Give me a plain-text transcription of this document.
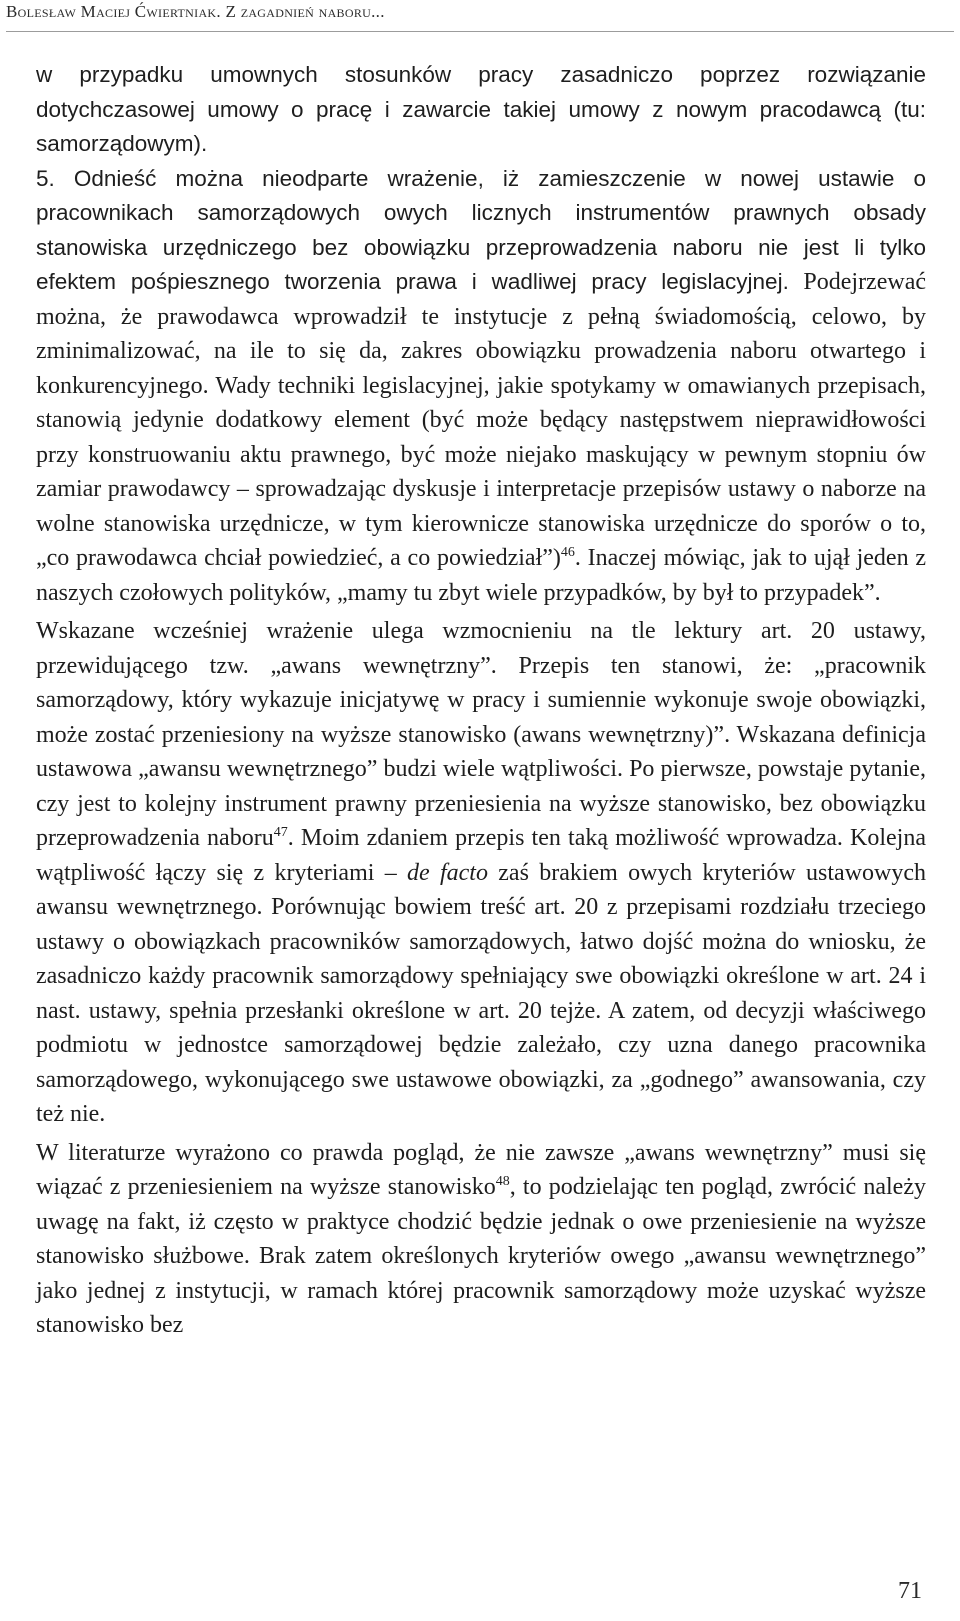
Bolesław Maciej Ćwiertniak. Z zagadnień naboru...

w przypadku umownych stosunków pracy zasadniczo poprzez rozwiązanie dotychczasowej umowy o pracę i zawarcie takiej umowy z nowym pracodawcą (tu: samorządowym).

5. Odnieść można nieodparte wrażenie, iż zamieszczenie w nowej ustawie o pracownikach samorządowych owych licznych instrumentów prawnych obsady stanowiska urzędniczego bez obowiązku przeprowadzenia naboru nie jest li tylko efektem pośpiesznego tworzenia prawa i wadliwej pracy legislacyjnej. Podejrzewać można, że prawodawca wprowadził te instytucje z pełną świadomością, celowo, by zminimalizować, na ile to się da, zakres obowiązku prowadzenia naboru otwartego i konkurencyjnego. Wady techniki legislacyjnej, jakie spotykamy w omawianych przepisach, stanowią jedynie dodatkowy element (być może będący następstwem nieprawidłowości przy konstruowaniu aktu prawnego, być może niejako maskujący w pewnym stopniu ów zamiar prawodawcy – sprowadzając dyskusje i interpretacje przepisów ustawy o naborze na wolne stanowiska urzędnicze, w tym kierownicze stanowiska urzędnicze do sporów o to, „co prawodawca chciał powiedzieć, a co powiedział”)$^{46}$. Inaczej mówiąc, jak to ujął jeden z naszych czołowych polityków, „mamy tu zbyt wiele przypadków, by był to przypadek”.

Wskazane wcześniej wrażenie ulega wzmocnieniu na tle lektury art. 20 ustawy, przewidującego tzw. „awans wewnętrzny”. Przepis ten stanowi, że: „pracownik samorządowy, który wykazuje inicjatywę w pracy i sumiennie wykonuje swoje obowiązki, może zostać przeniesiony na wyższe stanowisko (awans wewnętrzny)”. Wskazana definicja ustawowa „awansu wewnętrznego” budzi wiele wątpliwości. Po pierwsze, powstaje pytanie, czy jest to kolejny instrument prawny przeniesienia na wyższe stanowisko, bez obowiązku przeprowadzenia naboru$^{47}$. Moim zdaniem przepis ten taką możliwość wprowadza. Kolejna wątpliwość łączy się z kryteriami – de facto zaś brakiem owych kryteriów ustawowych awansu wewnętrznego. Porównując bowiem treść art. 20 z przepisami rozdziału trzeciego ustawy o obowiązkach pracowników samorządowych, łatwo dojść można do wniosku, że zasadniczo każdy pracownik samorządowy spełniający swe obowiązki określone w art. 24 i nast. ustawy, spełnia przesłanki określone w art. 20 tejże. A zatem, od decyzji właściwego podmiotu w jednostce samorządowej będzie zależało, czy uzna danego pracownika samorządowego, wykonującego swe ustawowe obowiązki, za „godnego” awansowania, czy też nie.

W literaturze wyrażono co prawda pogląd, że nie zawsze „awans wewnętrzny” musi się wiązać z przeniesieniem na wyższe stanowisko$^{48}$, to podzielając ten pogląd, zwrócić należy uwagę na fakt, iż często w praktyce chodzić będzie jednak o owe przeniesienie na wyższe stanowisko służbowe. Brak zatem określonych kryteriów owego „awansu wewnętrznego” jako jednej z instytucji, w ramach której pracownik samorządowy może uzyskać wyższe stanowisko bez

71
